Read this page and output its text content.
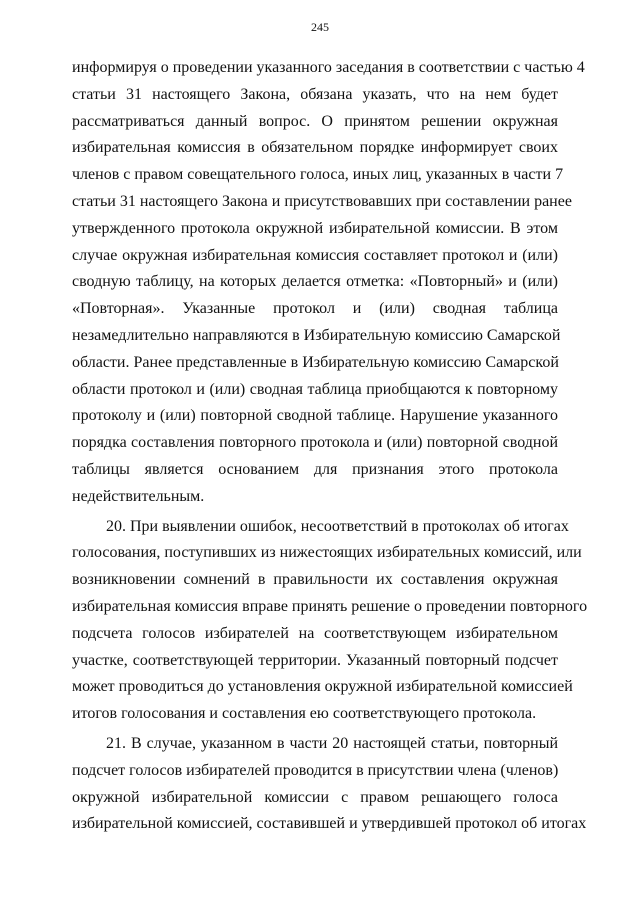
245
информируя о проведении указанного заседания в соответствии с частью 4
статьи 31 настоящего Закона, обязана указать, что на нем будет
рассматриваться данный вопрос. О принятом решении окружная
избирательная комиссия в обязательном порядке информирует своих
членов с правом совещательного голоса, иных лиц, указанных в части 7
статьи 31 настоящего Закона и присутствовавших при составлении ранее
утвержденного протокола окружной избирательной комиссии. В этом
случае окружная избирательная комиссия составляет протокол и (или)
сводную таблицу, на которых делается отметка: «Повторный» и (или)
«Повторная». Указанные протокол и (или) сводная таблица
незамедлительно направляются в Избирательную комиссию Самарской
области. Ранее представленные в Избирательную комиссию Самарской
области протокол и (или) сводная таблица приобщаются к повторному
протоколу и (или) повторной сводной таблице. Нарушение указанного
порядка составления повторного протокола и (или) повторной сводной
таблицы является основанием для признания этого протокола
недействительным.
20. При выявлении ошибок, несоответствий в протоколах об итогах
голосования, поступивших из нижестоящих избирательных комиссий, или
возникновении сомнений в правильности их составления окружная
избирательная комиссия вправе принять решение о проведении повторного
подсчета голосов избирателей на соответствующем избирательном
участке, соответствующей территории. Указанный повторный подсчет
может проводиться до установления окружной избирательной комиссией
итогов голосования и составления ею соответствующего протокола.
21. В случае, указанном в части 20 настоящей статьи, повторный
подсчет голосов избирателей проводится в присутствии члена (членов)
окружной избирательной комиссии с правом решающего голоса
избирательной комиссией, составившей и утвердившей протокол об итогах
